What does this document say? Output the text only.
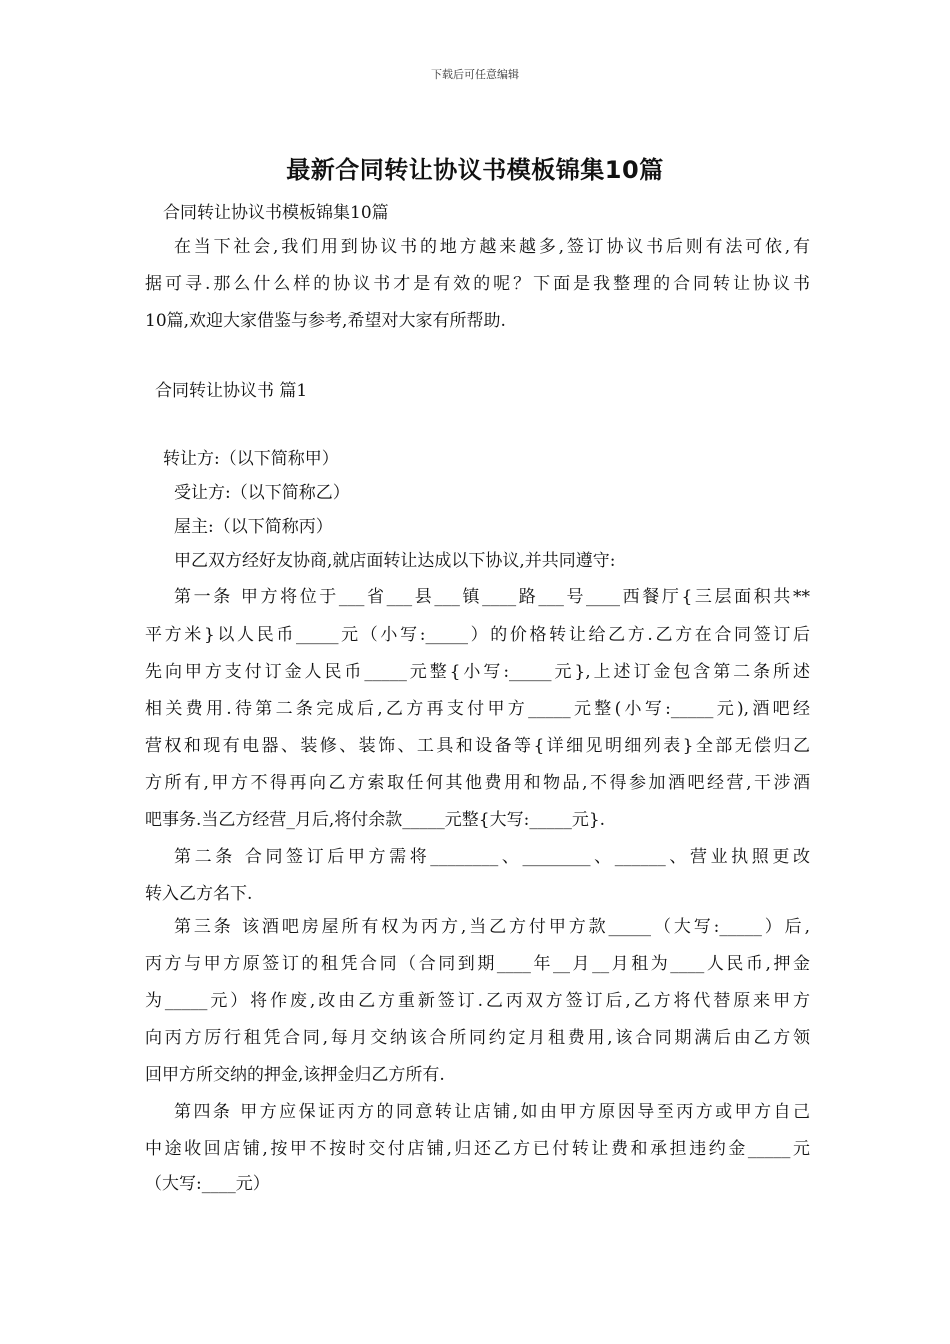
下载后可任意编辑
最新合同转让协议书模板锦集10篇
合同转让协议书模板锦集10篇
在当下社会,我们用到协议书的地方越来越多,签订协议书后则有法可依,有
据可寻.那么什么样的协议书才是有效的呢？下面是我整理的合同转让协议书
10篇,欢迎大家借鉴与参考,希望对大家有所帮助.
合同转让协议书 篇1
转让方:（以下简称甲）
受让方:（以下简称乙）
屋主:（以下简称丙）
甲乙双方经好友协商,就店面转让达成以下协议,并共同遵守:
第一条 甲方将位于___省___县___镇____路___号____西餐厅{三层面积共**
平方米}以人民币_____元（小写:_____）的价格转让给乙方.乙方在合同签订后
先向甲方支付订金人民币_____元整{小写:_____元},上述订金包含第二条所述
相关费用.待第二条完成后,乙方再支付甲方_____元整(小写:_____元),酒吧经
营权和现有电器、装修、装饰、工具和设备等{详细见明细列表}全部无偿归乙
方所有,甲方不得再向乙方索取任何其他费用和物品,不得参加酒吧经营,干涉酒
吧事务.当乙方经营_月后,将付余款_____元整{大写:_____元}.
第二条 合同签订后甲方需将________、________、______、营业执照更改
转入乙方名下.
第三条 该酒吧房屋所有权为丙方,当乙方付甲方款_____（大写:_____）后,
丙方与甲方原签订的租凭合同（合同到期____年__月__月租为____人民币,押金
为_____元）将作废,改由乙方重新签订.乙丙双方签订后,乙方将代替原来甲方
向丙方厉行租凭合同,每月交纳该合所同约定月租费用,该合同期满后由乙方领
回甲方所交纳的押金,该押金归乙方所有.
第四条 甲方应保证丙方的同意转让店铺,如由甲方原因导至丙方或甲方自己
中途收回店铺,按甲不按时交付店铺,归还乙方已付转让费和承担违约金_____元
（大写:____元）
